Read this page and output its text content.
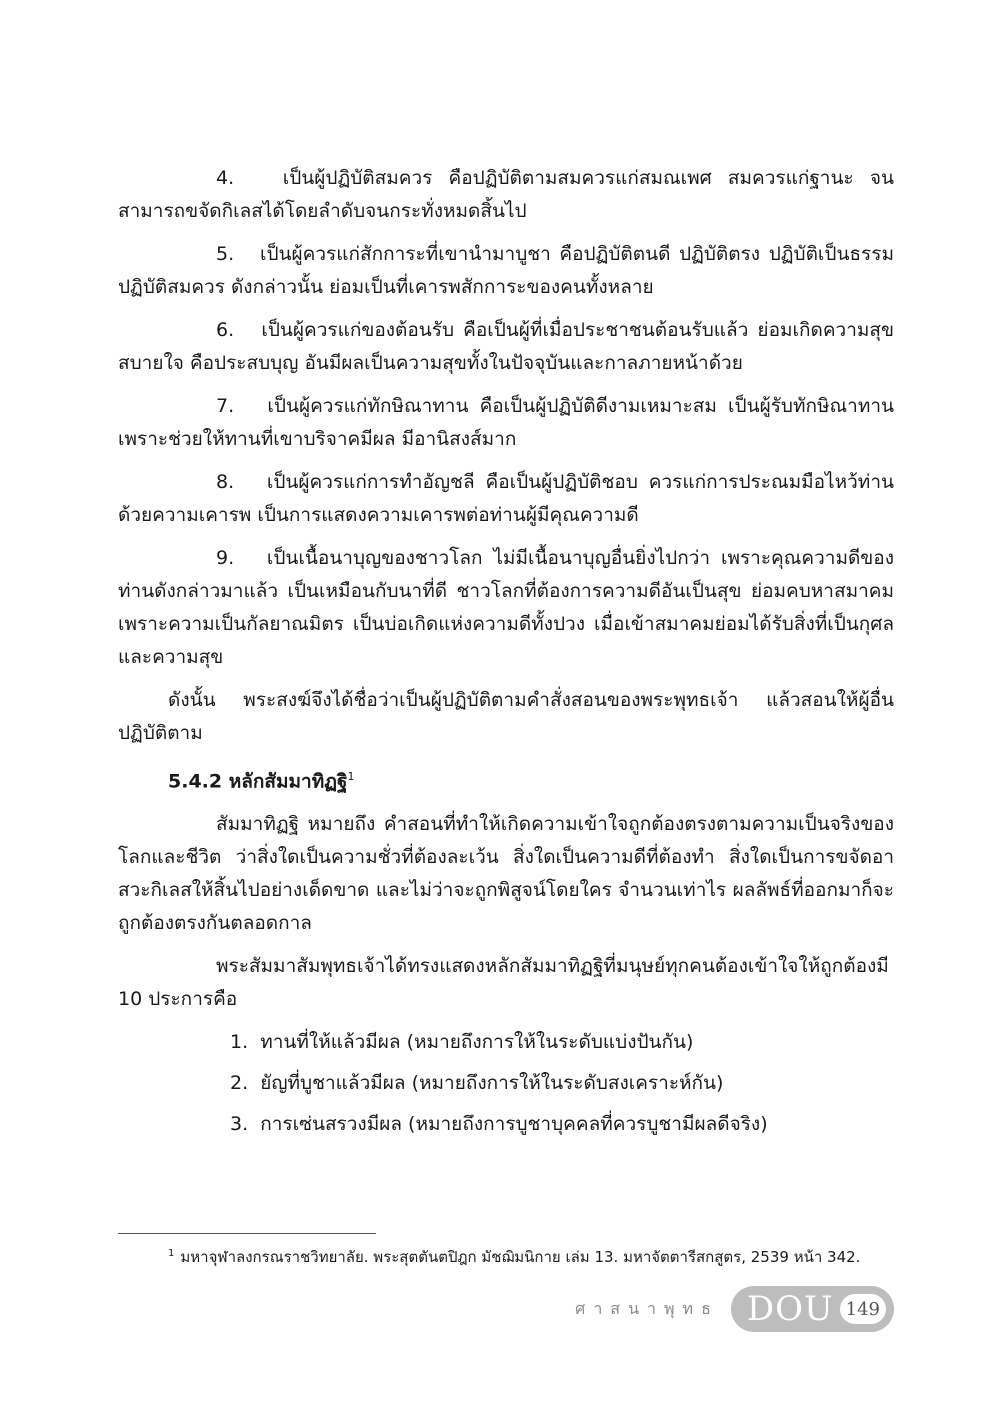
4.   เป็นผู้ปฏิบัติสมควร คือปฏิบัติตามสมควรแก่สมณเพศ สมควรแก่ฐานะ จนสามารถขจัดกิเลสได้โดยลำดับจนกระทั่งหมดสิ้นไป

5.   เป็นผู้ควรแก่สักการะที่เขานำมาบูชา คือปฏิบัติตนดี ปฏิบัติตรง ปฏิบัติเป็นธรรม ปฏิบัติสมควร ดังกล่าวนั้น ย่อมเป็นที่เคารพสักการะของคนทั้งหลาย

6.   เป็นผู้ควรแก่ของต้อนรับ คือเป็นผู้ที่เมื่อประชาชนต้อนรับแล้ว ย่อมเกิดความสุขสบายใจ คือประสบบุญ อันมีผลเป็นความสุขทั้งในปัจจุบันและกาลภายหน้าด้วย

7.   เป็นผู้ควรแก่ทักษิณาทาน คือเป็นผู้ปฏิบัติดีงามเหมาะสม เป็นผู้รับทักษิณาทาน เพราะช่วยให้ทานที่เขาบริจาคมีผล มีอานิสงส์มาก

8.   เป็นผู้ควรแก่การทำอัญชลี คือเป็นผู้ปฏิบัติชอบ ควรแก่การประณมมือไหว้ท่านด้วยความเคารพ เป็นการแสดงความเคารพต่อท่านผู้มีคุณความดี

9.   เป็นเนื้อนาบุญของชาวโลก ไม่มีเนื้อนาบุญอื่นยิ่งไปกว่า เพราะคุณความดีของท่านดังกล่าวมาแล้ว เป็นเหมือนกับนาที่ดี ชาวโลกที่ต้องการความดีอันเป็นสุข ย่อมคบหาสมาคมเพราะความเป็นกัลยาณมิตร เป็นบ่อเกิดแห่งความดีทั้งปวง เมื่อเข้าสมาคมย่อมได้รับสิ่งที่เป็นกุศล และความสุข

ดังนั้น พระสงฆ์จึงได้ชื่อว่าเป็นผู้ปฏิบัติตามคำสั่งสอนของพระพุทธเจ้า แล้วสอนให้ผู้อื่นปฏิบัติตาม

5.4.2 หลักสัมมาทิฏฐิ$^1$

สัมมาทิฏฐิ หมายถึง คำสอนที่ทำให้เกิดความเข้าใจถูกต้องตรงตามความเป็นจริงของโลกและชีวิต ว่าสิ่งใดเป็นความชั่วที่ต้องละเว้น สิ่งใดเป็นความดีที่ต้องทำ สิ่งใดเป็นการขจัดอาสวะกิเลสให้สิ้นไปอย่างเด็ดขาด และไม่ว่าจะถูกพิสูจน์โดยใคร จำนวนเท่าไร ผลลัพธ์ที่ออกมาก็จะถูกต้องตรงกันตลอดกาล

พระสัมมาสัมพุทธเจ้าได้ทรงแสดงหลักสัมมาทิฏฐิที่มนุษย์ทุกคนต้องเข้าใจให้ถูกต้องมี 10 ประการคือ

1.  ทานที่ให้แล้วมีผล (หมายถึงการให้ในระดับแบ่งปันกัน)
2.  ยัญที่บูชาแล้วมีผล (หมายถึงการให้ในระดับสงเคราะห์กัน)
3.  การเซ่นสรวงมีผล (หมายถึงการบูชาบุคคลที่ควรบูชามีผลดีจริง)
$^1$ มหาจุฬาลงกรณราชวิทยาลัย. พระสุตตันตปิฎก มัชฌิมนิกาย เล่ม 13. มหาจัตตารีสกสูตร, 2539 หน้า 342.
ศาสนาพุทธ DOU 149
